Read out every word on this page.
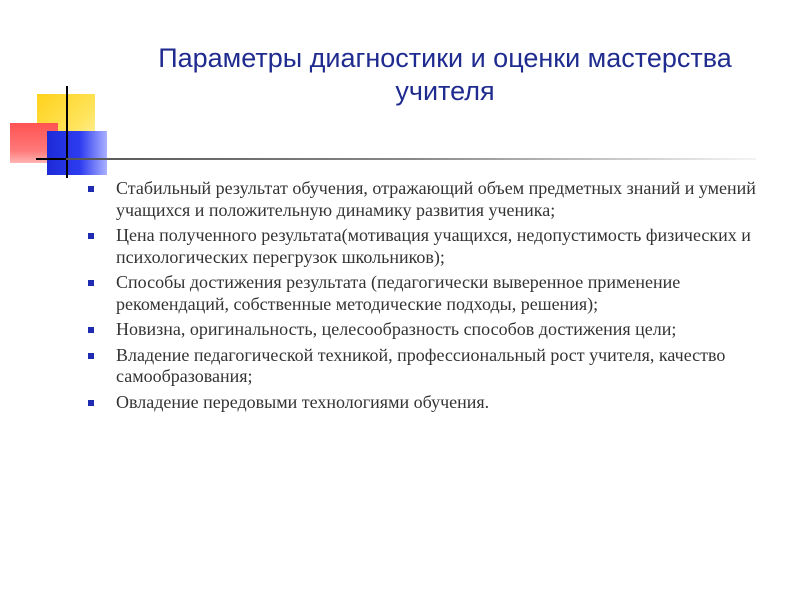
Параметры диагностики и оценки мастерства учителя
Стабильный результат обучения, отражающий объем предметных знаний и умений учащихся и положительную динамику развития ученика;
Цена полученного результата(мотивация учащихся, недопустимость физических и психологических перегрузок школьников);
Способы достижения результата (педагогически выверенное применение рекомендаций, собственные методические подходы, решения);
Новизна, оригинальность, целесообразность способов достижения цели;
Владение педагогической техникой, профессиональный рост учителя, качество самообразования;
Овладение передовыми технологиями обучения.
